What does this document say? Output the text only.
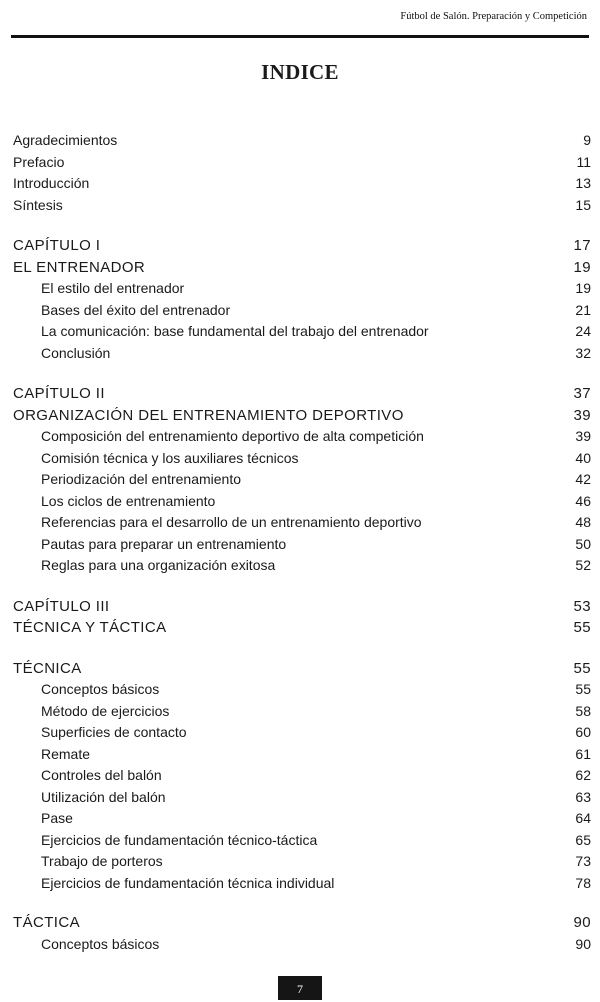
Fútbol de Salón. Preparación y Competición
INDICE
Agradecimientos	9
Prefacio	11
Introducción	13
Síntesis	15
CAPÍTULO I	17
EL ENTRENADOR	19
El estilo del entrenador	19
Bases del éxito del entrenador	21
La comunicación: base fundamental del trabajo del entrenador	24
Conclusión	32
CAPÍTULO II	37
ORGANIZACIÓN DEL ENTRENAMIENTO DEPORTIVO	39
Composición del entrenamiento deportivo de alta competición	39
Comisión técnica y los auxiliares técnicos	40
Periodización del entrenamiento	42
Los ciclos de entrenamiento	46
Referencias para el desarrollo de un entrenamiento deportivo	48
Pautas para preparar un entrenamiento	50
Reglas para una organización exitosa	52
CAPÍTULO III	53
TÉCNICA Y TÁCTICA	55
TÉCNICA	55
Conceptos básicos	55
Método de ejercicios	58
Superficies de contacto	60
Remate	61
Controles del balón	62
Utilización del balón	63
Pase	64
Ejercicios de fundamentación técnico-táctica	65
Trabajo de porteros	73
Ejercicios de fundamentación técnica individual	78
TÁCTICA	90
Conceptos básicos	90
7
